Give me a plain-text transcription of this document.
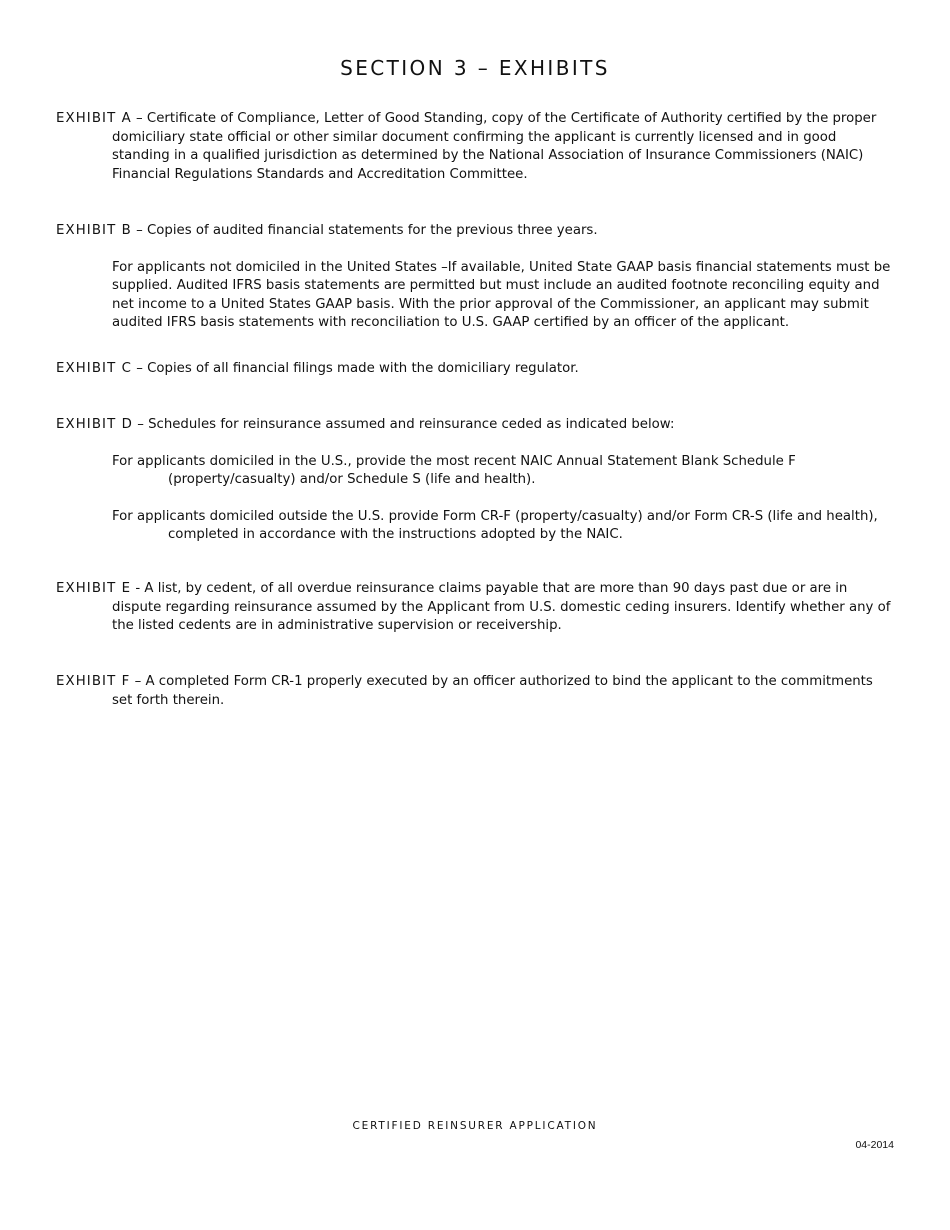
SECTION 3 – EXHIBITS

EXHIBIT A – Certificate of Compliance, Letter of Good Standing, copy of the Certificate of Authority certified by the proper domiciliary state official or other similar document confirming the applicant is currently licensed and in good standing in a qualified jurisdiction as determined by the National Association of Insurance Commissioners (NAIC) Financial Regulations Standards and Accreditation Committee.

EXHIBIT B – Copies of audited financial statements for the previous three years.

For applicants not domiciled in the United States –If available, United State GAAP basis financial statements must be supplied. Audited IFRS basis statements are permitted but must include an audited footnote reconciling equity and net income to a United States GAAP basis. With the prior approval of the Commissioner, an applicant may submit audited IFRS basis statements with reconciliation to U.S. GAAP certified by an officer of the applicant.

EXHIBIT C – Copies of all financial filings made with the domiciliary regulator.

EXHIBIT D – Schedules for reinsurance assumed and reinsurance ceded as indicated below:

For applicants domiciled in the U.S., provide the most recent NAIC Annual Statement Blank Schedule F (property/casualty) and/or Schedule S (life and health).

For applicants domiciled outside the U.S. provide Form CR-F (property/casualty) and/or Form CR-S (life and health), completed in accordance with the instructions adopted by the NAIC.

EXHIBIT E - A list, by cedent, of all overdue reinsurance claims payable that are more than 90 days past due or are in dispute regarding reinsurance assumed by the Applicant from U.S. domestic ceding insurers. Identify whether any of the listed cedents are in administrative supervision or receivership.

EXHIBIT F – A completed Form CR-1 properly executed by an officer authorized to bind the applicant to the commitments set forth therein.

CERTIFIED REINSURER APPLICATION
04-2014
